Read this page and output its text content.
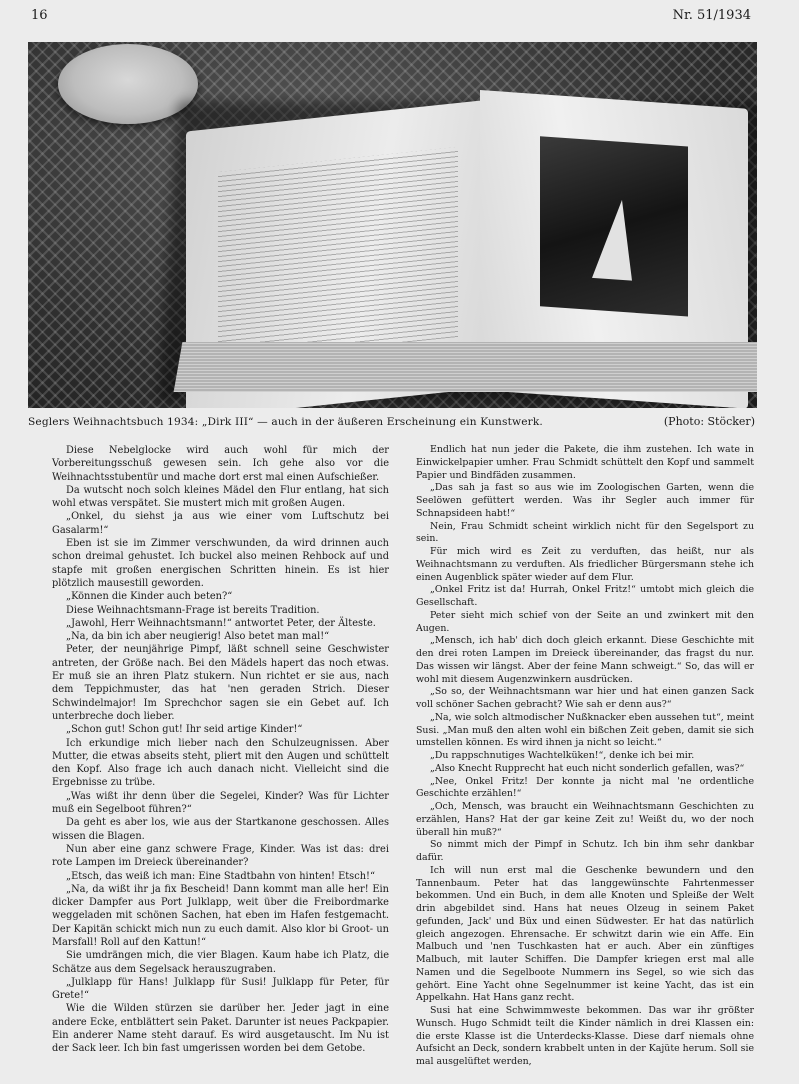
16	Nr. 51/1934
Seglers Weihnachtsbuch 1934: „Dirk III“ — auch in der äußeren Erscheinung ein Kunstwerk.	(Photo: Stöcker)

Diese Nebelglocke wird auch wohl für mich der Vorbereitungsschuß gewesen sein. Ich gehe also vor die Weihnachtsstubentür und mache dort erst mal einen Aufschießer.

Da wutscht noch solch kleines Mädel den Flur entlang, hat sich wohl etwas verspätet. Sie mustert mich mit großen Augen.

„Onkel, du siehst ja aus wie einer vom Luftschutz bei Gasalarm!“

Eben ist sie im Zimmer verschwunden, da wird drinnen auch schon dreimal gehustet. Ich buckel also meinen Rehbock auf und stapfe mit großen energischen Schritten hinein. Es ist hier plötzlich mausestill geworden.

„Können die Kinder auch beten?“

Diese Weihnachtsmann-Frage ist bereits Tradition.

„Jawohl, Herr Weihnachtsmann!“ antwortet Peter, der Älteste.

„Na, da bin ich aber neugierig! Also betet man mal!“

Peter, der neunjährige Pimpf, läßt schnell seine Geschwister antreten, der Größe nach. Bei den Mädels hapert das noch etwas. Er muß sie an ihren Platz stukern. Nun richtet er sie aus, nach dem Teppichmuster, das hat 'nen geraden Strich. Dieser Schwindelmajor! Im Sprechchor sagen sie ein Gebet auf. Ich unterbreche doch lieber.

„Schon gut! Schon gut! Ihr seid artige Kinder!“

Ich erkundige mich lieber nach den Schulzeugnissen. Aber Mutter, die etwas abseits steht, pliert mit den Augen und schüttelt den Kopf. Also frage ich auch danach nicht. Vielleicht sind die Ergebnisse zu trübe.

„Was wißt ihr denn über die Segelei, Kinder? Was für Lichter muß ein Segelboot führen?“

Da geht es aber los, wie aus der Startkanone geschossen. Alles wissen die Blagen.

Nun aber eine ganz schwere Frage, Kinder. Was ist das: drei rote Lampen im Dreieck übereinander?

„Etsch, das weiß ich man: Eine Stadtbahn von hinten! Etsch!“

„Na, da wißt ihr ja fix Bescheid! Dann kommt man alle her! Ein dicker Dampfer aus Port Julklapp, weit über die Freibordmarke weggeladen mit schönen Sachen, hat eben im Hafen festgemacht. Der Kapitän schickt mich nun zu euch damit. Also klor bi Groot- un Marsfall! Roll auf den Kattun!“

Sie umdrängen mich, die vier Blagen. Kaum habe ich Platz, die Schätze aus dem Segelsack herauszugraben.

„Julklapp für Hans! Julklapp für Susi! Julklapp für Peter, für Grete!“

Wie die Wilden stürzen sie darüber her. Jeder jagt in eine andere Ecke, entblättert sein Paket. Darunter ist neues Packpapier. Ein anderer Name steht darauf. Es wird ausgetauscht. Im Nu ist der Sack leer. Ich bin fast umgerissen worden bei dem Getobe.

Endlich hat nun jeder die Pakete, die ihm zustehen. Ich wate in Einwickelpapier umher. Frau Schmidt schüttelt den Kopf und sammelt Papier und Bindfäden zusammen.

„Das sah ja fast so aus wie im Zoologischen Garten, wenn die Seelöwen gefüttert werden. Was ihr Segler auch immer für Schnapsideen habt!“

Nein, Frau Schmidt scheint wirklich nicht für den Segelsport zu sein.

Für mich wird es Zeit zu verduften, das heißt, nur als Weihnachtsmann zu verduften. Als friedlicher Bürgersmann stehe ich einen Augenblick später wieder auf dem Flur.

„Onkel Fritz ist da! Hurrah, Onkel Fritz!“ umtobt mich gleich die Gesellschaft.

Peter sieht mich schief von der Seite an und zwinkert mit den Augen.

„Mensch, ich hab' dich doch gleich erkannt. Diese Geschichte mit den drei roten Lampen im Dreieck übereinander, das fragst du nur. Das wissen wir längst. Aber der feine Mann schweigt.“ So, das will er wohl mit diesem Augenzwinkern ausdrücken.

„So so, der Weihnachtsmann war hier und hat einen ganzen Sack voll schöner Sachen gebracht? Wie sah er denn aus?“

„Na, wie solch altmodischer Nußknacker eben aussehen tut“, meint Susi. „Man muß den alten wohl ein bißchen Zeit geben, damit sie sich umstellen können. Es wird ihnen ja nicht so leicht.“

„Du rappschnutiges Wachtelküken!“, denke ich bei mir.

„Also Knecht Rupprecht hat euch nicht sonderlich gefallen, was?“

„Nee, Onkel Fritz! Der konnte ja nicht mal 'ne ordentliche Geschichte erzählen!“

„Och, Mensch, was braucht ein Weihnachtsmann Geschichten zu erzählen, Hans? Hat der gar keine Zeit zu! Weißt du, wo der noch überall hin muß?“

So nimmt mich der Pimpf in Schutz. Ich bin ihm sehr dankbar dafür.

Ich will nun erst mal die Geschenke bewundern und den Tannenbaum. Peter hat das langgewünschte Fahrtenmesser bekommen. Und ein Buch, in dem alle Knoten und Spleiße der Welt drin abgebildet sind. Hans hat neues Olzeug in seinem Paket gefunden, Jack' und Büx und einen Südwester. Er hat das natürlich gleich angezogen. Ehrensache. Er schwitzt darin wie ein Affe. Ein Malbuch und 'nen Tuschkasten hat er auch. Aber ein zünftiges Malbuch, mit lauter Schiffen. Die Dampfer kriegen erst mal alle Namen und die Segelboote Nummern ins Segel, so wie sich das gehört. Eine Yacht ohne Segelnummer ist keine Yacht, das ist ein Appelkahn. Hat Hans ganz recht.

Susi hat eine Schwimmweste bekommen. Das war ihr größter Wunsch. Hugo Schmidt teilt die Kinder nämlich in drei Klassen ein: die erste Klasse ist die Unterdecks-Klasse. Diese darf niemals ohne Aufsicht an Deck, sondern krabbelt unten in der Kajüte herum. Soll sie mal ausgelüftet werden,
